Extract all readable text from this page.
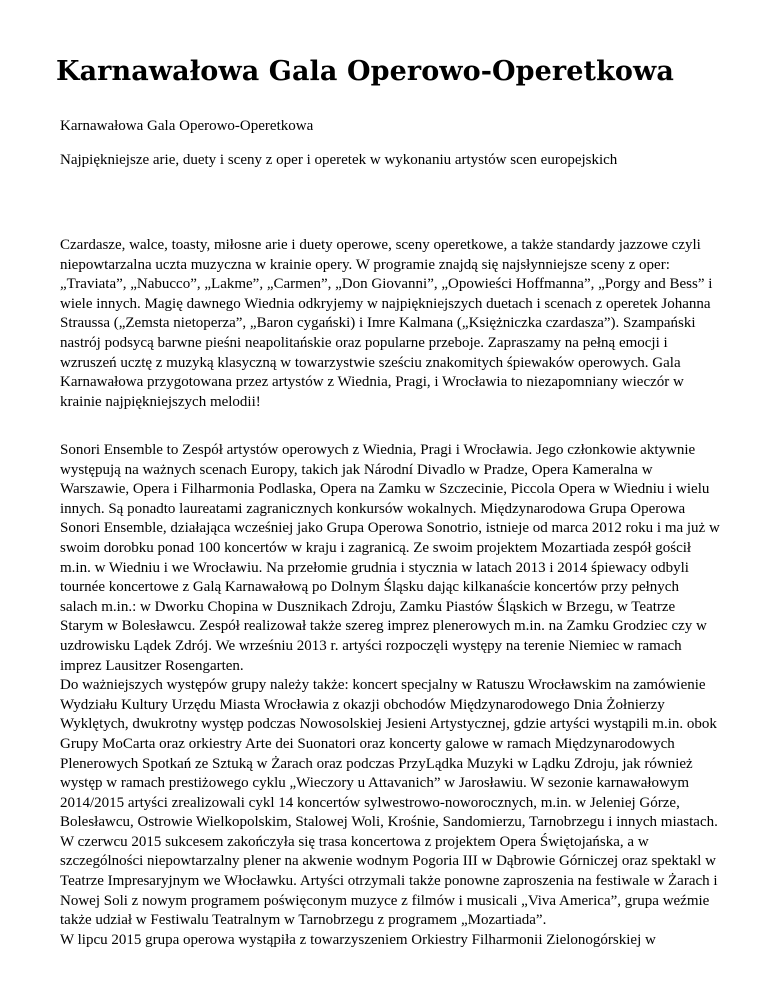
Karnawałowa Gala Operowo-Operetkowa

Karnawałowa Gala Operowo-Operetkowa

Najpiękniejsze arie, duety i sceny z oper i operetek w wykonaniu artystów scen europejskich

Czardasze, walce, toasty, miłosne arie i duety operowe, sceny operetkowe, a także standardy jazzowe czyli niepowtarzalna uczta muzyczna w krainie opery. W programie znajdą się najsłynniejsze sceny z oper: „Traviata”, „Nabucco”, „Lakme”, „Carmen”, „Don Giovanni”, „Opowieści Hoffmanna”, „Porgy and Bess” i wiele innych. Magię dawnego Wiednia odkryjemy w najpiękniejszych duetach i scenach z operetek Johanna Straussa („Zemsta nietoperza”, „Baron cygański) i Imre Kalmana („Księżniczka czardasza”). Szampański nastrój podsycą barwne pieśni neapolitańskie oraz popularne przeboje. Zapraszamy na pełną emocji i wzruszeń ucztę z muzyką klasyczną w towarzystwie sześciu znakomitych śpiewaków operowych. Gala Karnawałowa przygotowana przez artystów z Wiednia, Pragi, i Wrocławia to niezapomniany wieczór w krainie najpiękniejszych melodii!

Sonori Ensemble to Zespół artystów operowych z Wiednia, Pragi i Wrocławia. Jego członkowie aktywnie występują na ważnych scenach Europy, takich jak Národní Divadlo w Pradze, Opera Kameralna w Warszawie, Opera i Filharmonia Podlaska, Opera na Zamku w Szczecinie, Piccola Opera w Wiedniu i wielu innych. Są ponadto laureatami zagranicznych konkursów wokalnych. Międzynarodowa Grupa Operowa Sonori Ensemble, działająca wcześniej jako Grupa Operowa Sonotrio, istnieje od marca 2012 roku i ma już w swoim dorobku ponad 100 koncertów w kraju i zagranicą. Ze swoim projektem Mozartiada zespół gościł m.in. w Wiedniu i we Wrocławiu. Na przełomie grudnia i stycznia w latach 2013 i 2014 śpiewacy odbyli tournée koncertowe z Galą Karnawałową po Dolnym Śląsku dając kilkanaście koncertów przy pełnych salach m.in.: w Dworku Chopina w Dusznikach Zdroju, Zamku Piastów Śląskich w Brzegu, w Teatrze Starym w Bolesławcu. Zespół realizował także szereg imprez plenerowych m.in. na Zamku Grodziec czy w uzdrowisku Lądek Zdrój. We wrześniu 2013 r. artyści rozpoczęli występy na terenie Niemiec w ramach imprez Lausitzer Rosengarten.
Do ważniejszych występów grupy należy także: koncert specjalny w Ratuszu Wrocławskim na zamówienie Wydziału Kultury Urzędu Miasta Wrocławia z okazji obchodów Międzynarodowego Dnia Żołnierzy Wyklętych, dwukrotny występ podczas Nowosolskiej Jesieni Artystycznej, gdzie artyści wystąpili m.in. obok Grupy MoCarta oraz orkiestry Arte dei Suonatori oraz koncerty galowe w ramach Międzynarodowych Plenerowych Spotkań ze Sztuką w Żarach oraz podczas PrzyLądka Muzyki w Lądku Zdroju, jak również występ w ramach prestiżowego cyklu „Wieczory u Attavanich” w Jarosławiu. W sezonie karnawałowym 2014/2015 artyści zrealizowali cykl 14 koncertów sylwestrowo-noworocznych, m.in. w Jeleniej Górze, Bolesławcu, Ostrowie Wielkopolskim, Stalowej Woli, Krośnie, Sandomierzu, Tarnobrzegu i innych miastach. W czerwcu 2015 sukcesem zakończyła się trasa koncertowa z projektem Opera Świętojańska, a w szczególności niepowtarzalny plener na akwenie wodnym Pogoria III w Dąbrowie Górniczej oraz spektakl w Teatrze Impresaryjnym we Włocławku. Artyści otrzymali także ponowne zaproszenia na festiwale w Żarach i Nowej Soli z nowym programem poświęconym muzyce z filmów i musicali „Viva America”, grupa weźmie także udział w Festiwalu Teatralnym w Tarnobrzegu z programem „Mozartiada”.
W lipcu 2015 grupa operowa wystąpiła z towarzyszeniem Orkiestry Filharmonii Zielonogórskiej w
